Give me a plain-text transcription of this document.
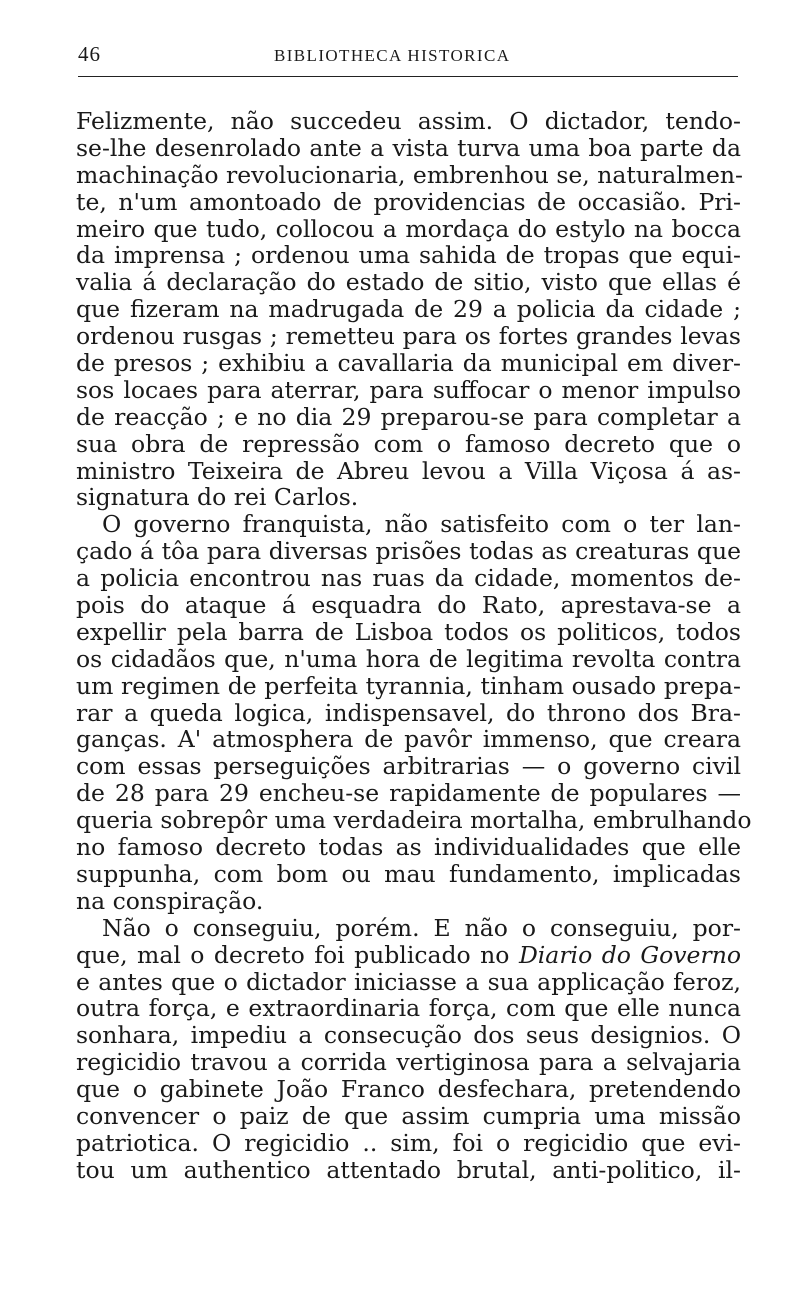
46	BIBLIOTHECA HISTORICA
Felizmente, não succedeu assim. O dictador, tendo-
se-lhe desenrolado ante a vista turva uma boa parte da
machinação revolucionaria, embrenhou se, naturalmen-
te, n'um amontoado de providencias de occasião. Pri-
meiro que tudo, collocou a mordaça do estylo na bocca
da imprensa ; ordenou uma sahida de tropas que equi-
valia á declaração do estado de sitio, visto que ellas é
que fizeram na madrugada de 29 a policia da cidade ;
ordenou rusgas ; remetteu para os fortes grandes levas
de presos ; exhibiu a cavallaria da municipal em diver-
sos locaes para aterrar, para suffocar o menor impulso
de reacção ; e no dia 29 preparou-se para completar a
sua obra de repressão com o famoso decreto que o
ministro Teixeira de Abreu levou a Villa Viçosa á as-
signatura do rei Carlos.
O governo franquista, não satisfeito com o ter lan-
çado á tôa para diversas prisões todas as creaturas que
a policia encontrou nas ruas da cidade, momentos de-
pois do ataque á esquadra do Rato, aprestava-se a
expellir pela barra de Lisboa todos os politicos, todos
os cidadãos que, n'uma hora de legitima revolta contra
um regimen de perfeita tyrannia, tinham ousado prepa-
rar a queda logica, indispensavel, do throno dos Bra-
ganças. A' atmosphera de pavôr immenso, que creara
com essas perseguições arbitrarias — o governo civil
de 28 para 29 encheu-se rapidamente de populares —
queria sobrepôr uma verdadeira mortalha, embrulhando
no famoso decreto todas as individualidades que elle
suppunha, com bom ou mau fundamento, implicadas
na conspiração.
Não o conseguiu, porém. E não o conseguiu, por-
que, mal o decreto foi publicado no Diario do Governo
e antes que o dictador iniciasse a sua applicação feroz,
outra força, e extraordinaria força, com que elle nunca
sonhara, impediu a consecução dos seus designios. O
regicidio travou a corrida vertiginosa para a selvajaria
que o gabinete João Franco desfechara, pretendendo
convencer o paiz de que assim cumpria uma missão
patriotica. O regicidio .. sim, foi o regicidio que evi-
tou um authentico attentado brutal, anti-politico, il-
